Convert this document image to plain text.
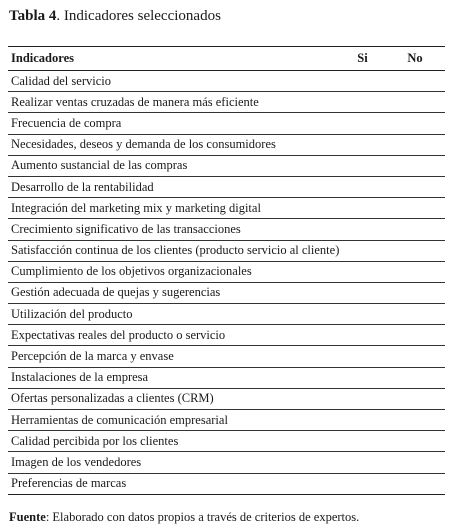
Tabla 4. Indicadores seleccionados
Indicadores	Si	No
Calidad del servicio		
Realizar ventas cruzadas de manera más eficiente		
Frecuencia de compra		
Necesidades, deseos y demanda de los consumidores		
Aumento sustancial de las compras		
Desarrollo de la rentabilidad		
Integración del marketing mix y marketing digital		
Crecimiento significativo de las transacciones		
Satisfacción continua de los clientes (producto servicio al cliente)		
Cumplimiento de los objetivos organizacionales		
Gestión adecuada de quejas y sugerencias		
Utilización del producto		
Expectativas reales del producto o servicio		
Percepción de la marca y envase		
Instalaciones de la empresa		
Ofertas personalizadas a clientes (CRM)		
Herramientas de comunicación empresarial		
Calidad percibida por los clientes		
Imagen de los vendedores		
Preferencias de marcas		
Fuente: Elaborado con datos propios a través de criterios de expertos.
